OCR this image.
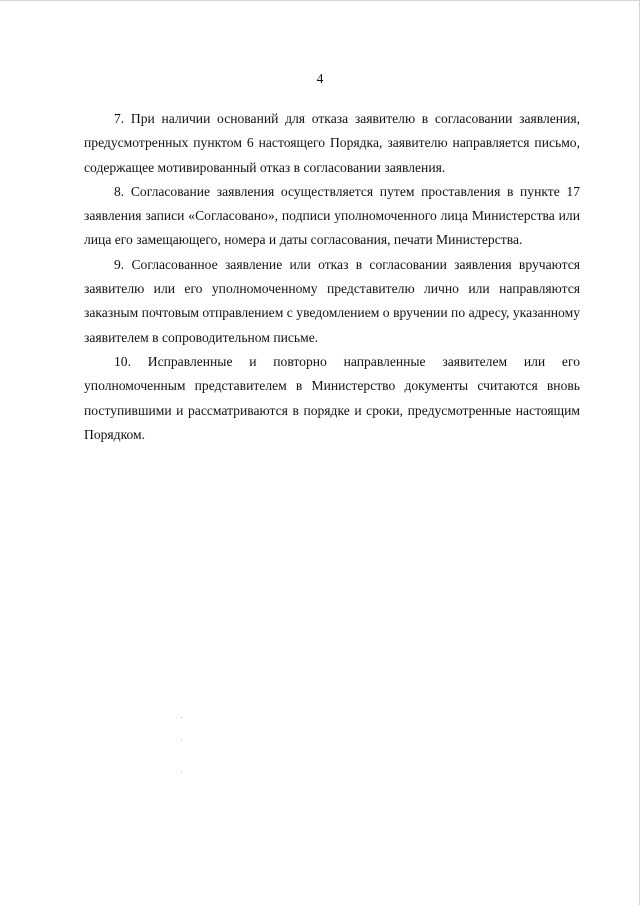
4

7. При наличии оснований для отказа заявителю в согласовании заявления, предусмотренных пунктом 6 настоящего Порядка, заявителю направляется письмо, содержащее мотивированный отказ в согласовании заявления.

8. Согласование заявления осуществляется путем проставления в пункте 17 заявления записи «Согласовано», подписи уполномоченного лица Министерства или лица его замещающего, номера и даты согласования, печати Министерства.

9. Согласованное заявление или отказ в согласовании заявления вручаются заявителю или его уполномоченному представителю лично или направляются заказным почтовым отправлением с уведомлением о вручении по адресу, указанному заявителем в сопроводительном письме.

10. Исправленные и повторно направленные заявителем или его уполномоченным представителем в Министерство документы считаются вновь поступившими и рассматриваются в порядке и сроки, предусмотренные настоящим Порядком.
